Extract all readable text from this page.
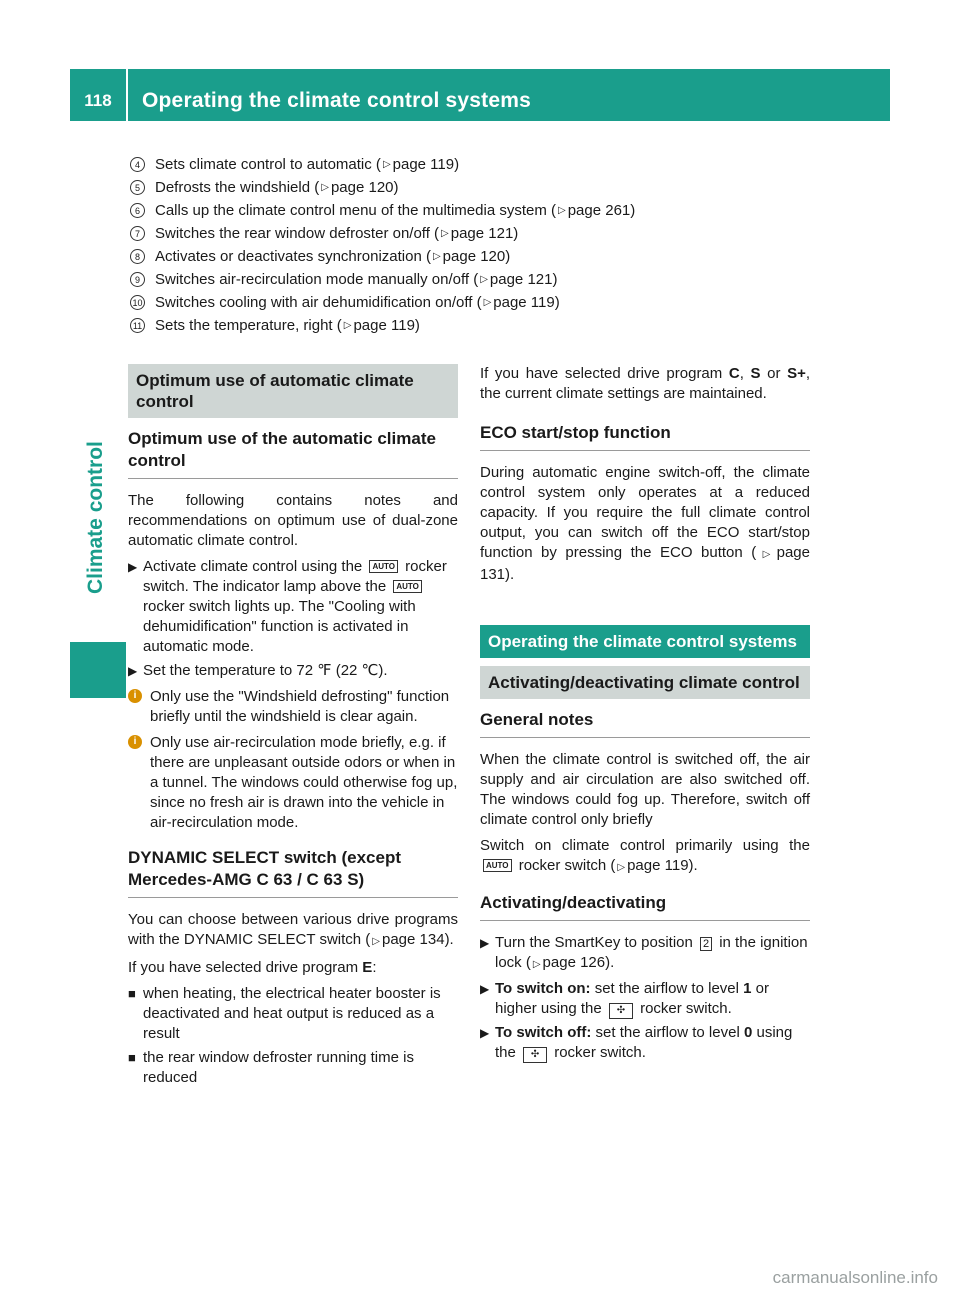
118	Operating the climate control systems
Climate control
4	Sets climate control to automatic ( ▷ page 119)
5	Defrosts the windshield ( ▷ page 120)
6	Calls up the climate control menu of the multimedia system ( ▷ page 261)
7	Switches the rear window defroster on/off ( ▷ page 121)
8	Activates or deactivates synchronization ( ▷ page 120)
9	Switches air-recirculation mode manually on/off ( ▷ page 121)
10 Switches cooling with air dehumidification on/off ( ▷ page 119)
11 Sets the temperature, right ( ▷ page 119)
Optimum use of automatic climate control
Optimum use of the automatic climate control

The following contains notes and recommendations on optimum use of dual-zone automatic climate control.

▶ Activate climate control using the AUTO rocker switch. The indicator lamp above the AUTO rocker switch lights up. The "Cooling with dehumidification" function is activated in automatic mode.
▶ Set the temperature to 72 ℉ (22 ℃).
i Only use the "Windshield defrosting" function briefly until the windshield is clear again.
i Only use air-recirculation mode briefly, e.g. if there are unpleasant outside odors or when in a tunnel. The windows could otherwise fog up, since no fresh air is drawn into the vehicle in air-recirculation mode.
DYNAMIC SELECT switch (except Mercedes-AMG C 63 / C 63 S)

You can choose between various drive programs with the DYNAMIC SELECT switch ( ▷ page 134).

If you have selected drive program E:

■ when heating, the electrical heater booster is deactivated and heat output is reduced as a result
■ the rear window defroster running time is reduced

If you have selected drive program C, S or S+, the current climate settings are maintained.

ECO start/stop function

During automatic engine switch-off, the climate control system only operates at a reduced capacity. If you require the full climate control output, you can switch off the ECO start/stop function by pressing the ECO button ( ▷ page 131).

Operating the climate control systems
Activating/deactivating climate control
General notes

When the climate control is switched off, the air supply and air circulation are also switched off. The windows could fog up. Therefore, switch off climate control only briefly

Switch on climate control primarily using the AUTO rocker switch ( ▷ page 119).

Activating/deactivating
▶ Turn the SmartKey to position 2 in the ignition lock ( ▷ page 126).
▶ To switch on: set the airflow to level 1 or higher using the ✣ rocker switch.
▶ To switch off: set the airflow to level 0 using the ✣ rocker switch.
carmanualsonline.info
